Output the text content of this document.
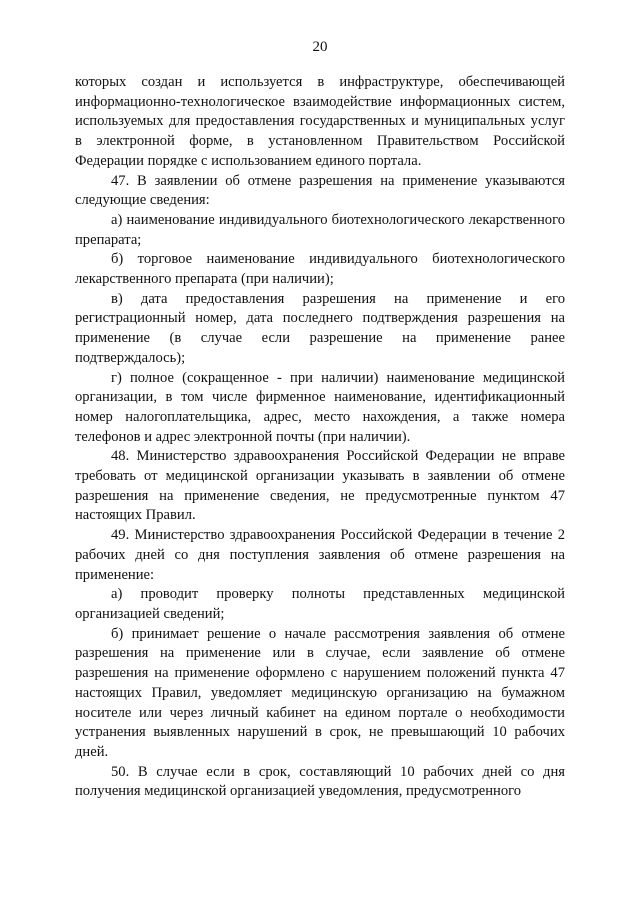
20

которых создан и используется в инфраструктуре, обеспечивающей информационно-технологическое взаимодействие информационных систем, используемых для предоставления государственных и муниципальных услуг в электронной форме, в установленном Правительством Российской Федерации порядке с использованием единого портала.

47. В заявлении об отмене разрешения на применение указываются следующие сведения:

а) наименование индивидуального биотехнологического лекарственного препарата;

б) торговое наименование индивидуального биотехнологического лекарственного препарата (при наличии);

в) дата предоставления разрешения на применение и его регистрационный номер, дата последнего подтверждения разрешения на применение (в случае если разрешение на применение ранее подтверждалось);

г) полное (сокращенное - при наличии) наименование медицинской организации, в том числе фирменное наименование, идентификационный номер налогоплательщика, адрес, место нахождения, а также номера телефонов и адрес электронной почты (при наличии).

48. Министерство здравоохранения Российской Федерации не вправе требовать от медицинской организации указывать в заявлении об отмене разрешения на применение сведения, не предусмотренные пунктом 47 настоящих Правил.

49. Министерство здравоохранения Российской Федерации в течение 2 рабочих дней со дня поступления заявления об отмене разрешения на применение:

а) проводит проверку полноты представленных медицинской организацией сведений;

б) принимает решение о начале рассмотрения заявления об отмене разрешения на применение или в случае, если заявление об отмене разрешения на применение оформлено с нарушением положений пункта 47 настоящих Правил, уведомляет медицинскую организацию на бумажном носителе или через личный кабинет на едином портале о необходимости устранения выявленных нарушений в срок, не превышающий 10 рабочих дней.

50. В случае если в срок, составляющий 10 рабочих дней со дня получения медицинской организацией уведомления, предусмотренного
